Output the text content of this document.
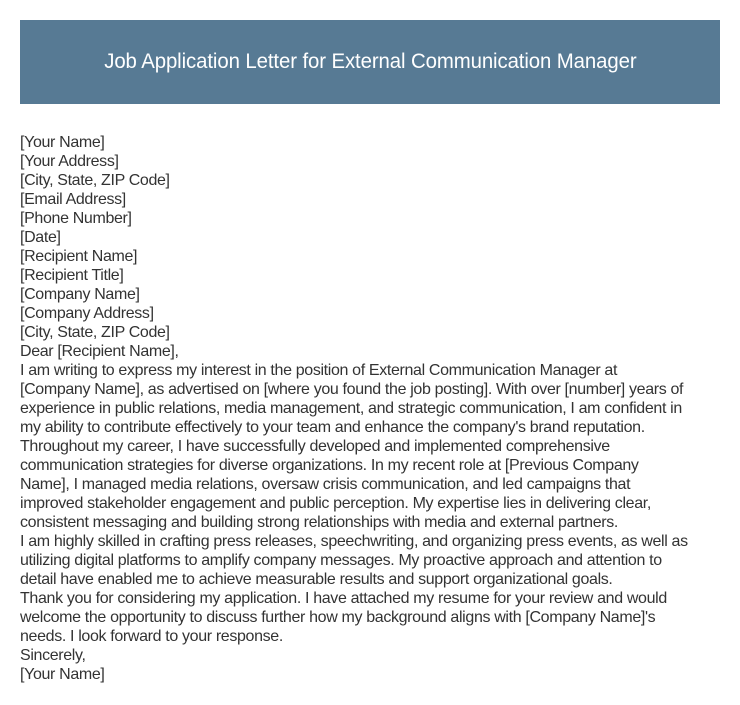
Job Application Letter for External Communication Manager
[Your Name]
[Your Address]
[City, State, ZIP Code]
[Email Address]
[Phone Number]
[Date]
[Recipient Name]
[Recipient Title]
[Company Name]
[Company Address]
[City, State, ZIP Code]
Dear [Recipient Name],
I am writing to express my interest in the position of External Communication Manager at
[Company Name], as advertised on [where you found the job posting]. With over [number] years of
experience in public relations, media management, and strategic communication, I am confident in
my ability to contribute effectively to your team and enhance the company's brand reputation.
Throughout my career, I have successfully developed and implemented comprehensive
communication strategies for diverse organizations. In my recent role at [Previous Company
Name], I managed media relations, oversaw crisis communication, and led campaigns that
improved stakeholder engagement and public perception. My expertise lies in delivering clear,
consistent messaging and building strong relationships with media and external partners.
I am highly skilled in crafting press releases, speechwriting, and organizing press events, as well as
utilizing digital platforms to amplify company messages. My proactive approach and attention to
detail have enabled me to achieve measurable results and support organizational goals.
Thank you for considering my application. I have attached my resume for your review and would
welcome the opportunity to discuss further how my background aligns with [Company Name]'s
needs. I look forward to your response.
Sincerely,
[Your Name]
